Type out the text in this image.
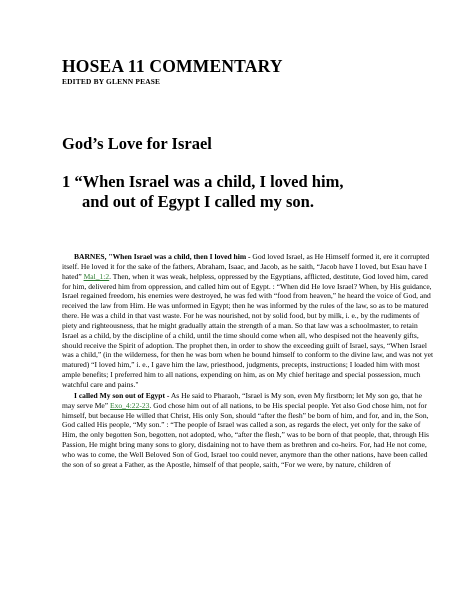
HOSEA 11 COMMENTARY
EDITED BY GLENN PEASE
God’s Love for Israel
1 “When Israel was a child, I loved him,
and out of Egypt I called my son.

BARNES, "When Israel was a child, then I loved him - God loved Israel, as He Himself formed it, ere it corrupted itself. He loved it for the sake of the fathers, Abraham, Isaac, and Jacob, as he saith, “Jacob have I loved, but Esau have I hated” Mal_1:2. Then, when it was weak, helpless, oppressed by the Egyptians, afflicted, destitute, God loved him, cared for him, delivered him from oppression, and called him out of Egypt. : “When did He love Israel? When, by His guidance, Israel regained freedom, his enemies were destroyed, he was fed with “food from heaven,” he heard the voice of God, and received the law from Him. He was unformed in Egypt; then he was informed by the rules of the law, so as to be matured there. He was a child in that vast waste. For he was nourished, not by solid food, but by milk, i. e., by the rudiments of piety and righteousness, that he might gradually attain the strength of a man. So that law was a schoolmaster, to retain Israel as a child, by the discipline of a child, until the time should come when all, who despised not the heavenly gifts, should receive the Spirit of adoption. The prophet then, in order to show the exceeding guilt of Israel, says, “When Israel was a child,” (in the wilderness, for then he was born when he bound himself to conform to the divine law, and was not yet matured) “I loved him,” i. e., I gave him the law, priesthood, judgments, precepts, instructions; I loaded him with most ample benefits; I preferred him to all nations, expending on him, as on My chief heritage and special possession, much watchful care and pains."

I called My son out of Egypt - As He said to Pharaoh, “Israel is My son, even My firstborn; let My son go, that he may serve Me” Exo_4:22-23. God chose him out of all nations, to be His special people. Yet also God chose him, not for himself, but because He willed that Christ, His only Son, should “after the flesh” be born of him, and for, and in, the Son, God called His people, “My son.” : “The people of Israel was called a son, as regards the elect, yet only for the sake of Him, the only begotten Son, begotten, not adopted, who, “after the flesh,” was to be born of that people, that, through His Passion, He might bring many sons to glory, disdaining not to have them as brethren and co-heirs. For, had He not come, who was to come, the Well Beloved Son of God, Israel too could never, anymore than the other nations, have been called the son of so great a Father, as the Apostle, himself of that people, saith, “For we were, by nature, children of
